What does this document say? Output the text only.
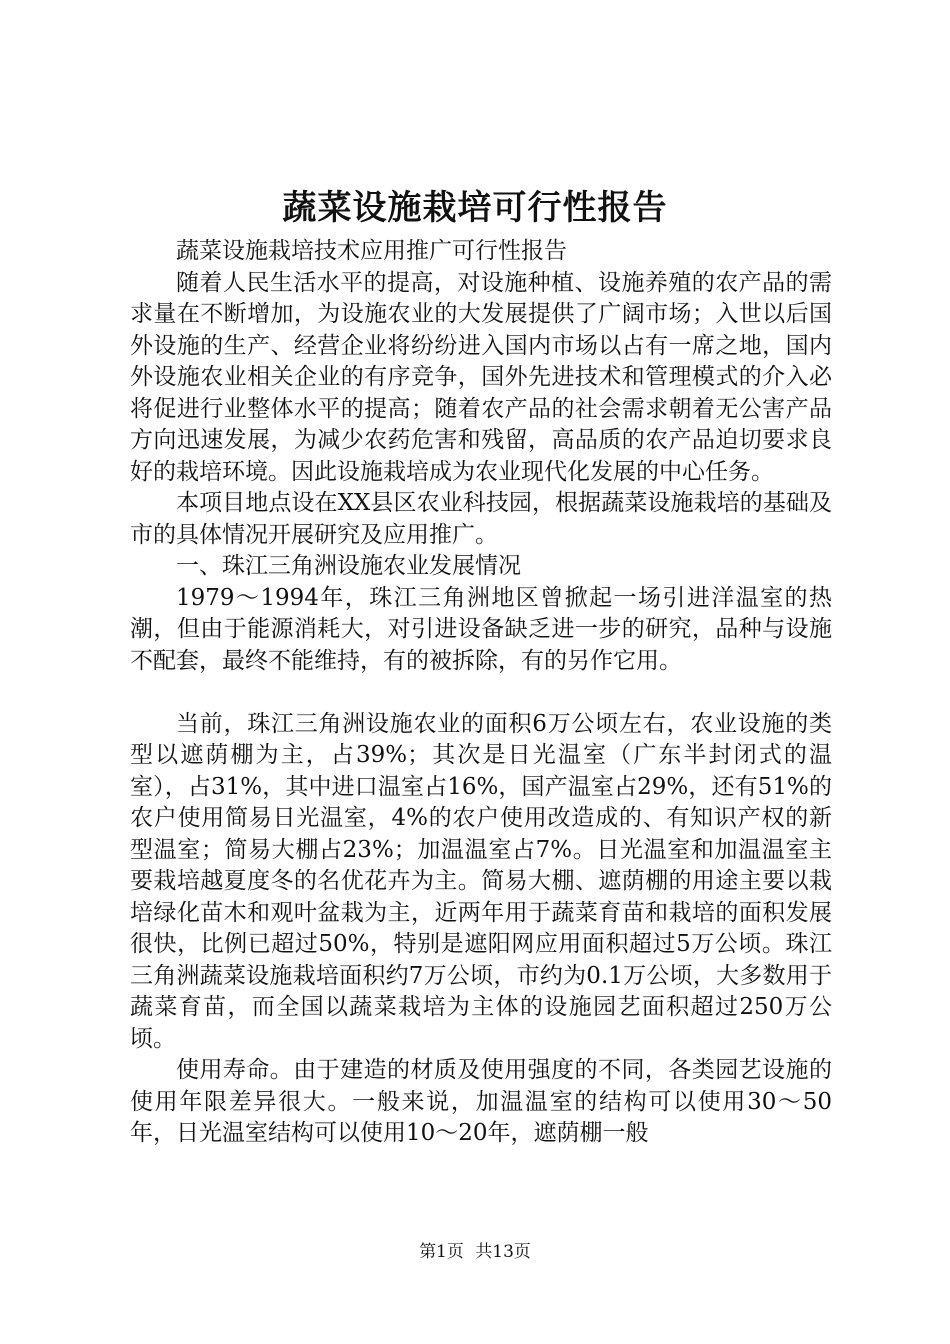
蔬菜设施栽培可行性报告

蔬菜设施栽培技术应用推广可行性报告

随着人民生活水平的提高，对设施种植、设施养殖的农产品的需求量在不断增加，为设施农业的大发展提供了广阔市场；入世以后国外设施的生产、经营企业将纷纷进入国内市场以占有一席之地，国内外设施农业相关企业的有序竞争，国外先进技术和管理模式的介入必将促进行业整体水平的提高；随着农产品的社会需求朝着无公害产品方向迅速发展，为减少农药危害和残留，高品质的农产品迫切要求良好的栽培环境。因此设施栽培成为农业现代化发展的中心任务。

本项目地点设在XX县区农业科技园，根据蔬菜设施栽培的基础及市的具体情况开展研究及应用推广。

一、珠江三角洲设施农业发展情况

1979～1994年，珠江三角洲地区曾掀起一场引进洋温室的热潮，但由于能源消耗大，对引进设备缺乏进一步的研究，品种与设施不配套，最终不能维持，有的被拆除，有的另作它用。

当前，珠江三角洲设施农业的面积6万公顷左右，农业设施的类型以遮荫棚为主，占39%；其次是日光温室（广东半封闭式的温室），占31%，其中进口温室占16%，国产温室占29%，还有51%的农户使用简易日光温室，4%的农户使用改造成的、有知识产权的新型温室；简易大棚占23%；加温温室占7%。日光温室和加温温室主要栽培越夏度冬的名优花卉为主。简易大棚、遮荫棚的用途主要以栽培绿化苗木和观叶盆栽为主，近两年用于蔬菜育苗和栽培的面积发展很快，比例已超过50%，特别是遮阳网应用面积超过5万公顷。珠江三角洲蔬菜设施栽培面积约7万公顷，市约为0.1万公顷，大多数用于蔬菜育苗，而全国以蔬菜栽培为主体的设施园艺面积超过250万公顷。

使用寿命。由于建造的材质及使用强度的不同，各类园艺设施的使用年限差异很大。一般来说，加温温室的结构可以使用30～50年，日光温室结构可以使用10～20年，遮荫棚一般

第1页 共13页
